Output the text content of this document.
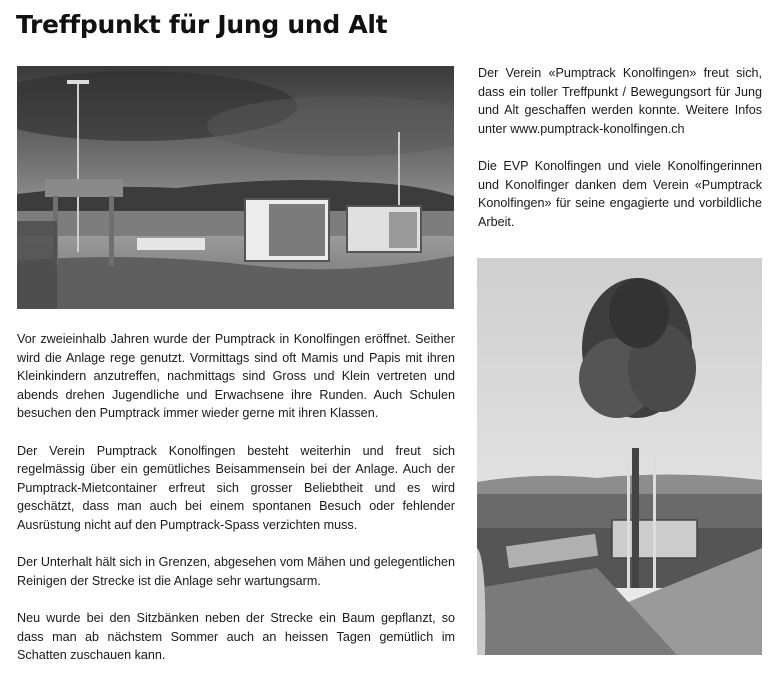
Treffpunkt für Jung und Alt

Vor zweieinhalb Jahren wurde der Pumptrack in Konolfingen eröffnet. Seither wird die Anlage rege genutzt. Vormittags sind oft Mamis und Papis mit ihren Kleinkindern anzutreffen, nachmittags sind Gross und Klein vertreten und abends drehen Jugendliche und Erwachsene ihre Runden. Auch Schulen besuchen den Pumptrack immer wieder gerne mit ihren Klassen.

Der Verein Pumptrack Konolfingen besteht weiterhin und freut sich regelmässig über ein gemütliches Beisammensein bei der Anlage. Auch der Pumptrack-Mietcontainer erfreut sich grosser Beliebtheit und es wird geschätzt, dass man auch bei einem spontanen Besuch oder fehlender Ausrüstung nicht auf den Pumptrack-Spass verzichten muss.

Der Unterhalt hält sich in Grenzen, abgesehen vom Mähen und gelegentlichen Reinigen der Strecke ist die Anlage sehr wartungsarm.

Neu wurde bei den Sitzbänken neben der Strecke ein Baum gepflanzt, so dass man ab nächstem Sommer auch an heissen Tagen gemütlich im Schatten zuschauen kann.

Der Verein «Pumptrack Konolfingen» freut sich, dass ein toller Treffpunkt / Bewegungsort für Jung und Alt geschaffen werden konnte. Weitere Infos unter www.pumptrack-konolfingen.ch

Die EVP Konolfingen und viele Konolfingerinnen und Konolfinger danken dem Verein «Pumptrack Konolfingen» für seine engagierte und vorbildliche Arbeit.
